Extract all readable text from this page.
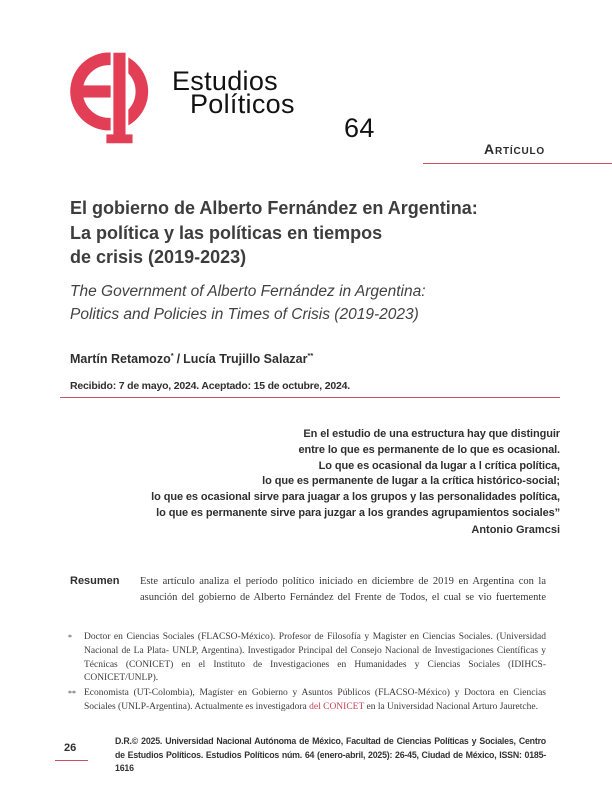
Estudios
Políticos
64
Artículo
El gobierno de Alberto Fernández en Argentina:
La política y las políticas en tiempos
de crisis (2019-2023)
The Government of Alberto Fernández in Argentina:
Politics and Policies in Times of Crisis (2019-2023)
Martín Retamozo* / Lucía Trujillo Salazar**
Recibido: 7 de mayo, 2024. Aceptado: 15 de octubre, 2024.
En el estudio de una estructura hay que distinguir
entre lo que es permanente de lo que es ocasional.
Lo que es ocasional da lugar a l crítica política,
lo que es permanente de lugar a la crítica histórico-social;
lo que es ocasional sirve para juagar a los grupos y las personalidades política,
lo que es permanente sirve para juzgar a los grandes agrupamientos sociales”
Antonio Gramcsi
Resumen Este artículo analiza el período político iniciado en diciembre de 2019 en Argentina con la asunción del gobierno de Alberto Fernández del Frente de Todos, el cual se vio fuertemente
* Doctor en Ciencias Sociales (FLACSO-México). Profesor de Filosofía y Magister en Ciencias Sociales. (Universidad Nacional de La Plata- UNLP, Argentina). Investigador Principal del Consejo Nacional de Investigaciones Científicas y Técnicas (CONICET) en el Instituto de Investigaciones en Humanidades y Ciencias Sociales (IDIHCS-CONICET/UNLP).
** Economista (UT-Colombia), Magíster en Gobierno y Asuntos Públicos (FLACSO-México) y Doctora en Ciencias Sociales (UNLP-Argentina). Actualmente es investigadora del CONICET en la Universidad Nacional Arturo Jauretche.
26
D.R.© 2025. Universidad Nacional Autónoma de México, Facultad de Ciencias Políticas y Sociales, Centro de Estudios Políticos. Estudios Políticos núm. 64 (enero-abril, 2025): 26-45, Ciudad de México, ISSN: 0185-1616
